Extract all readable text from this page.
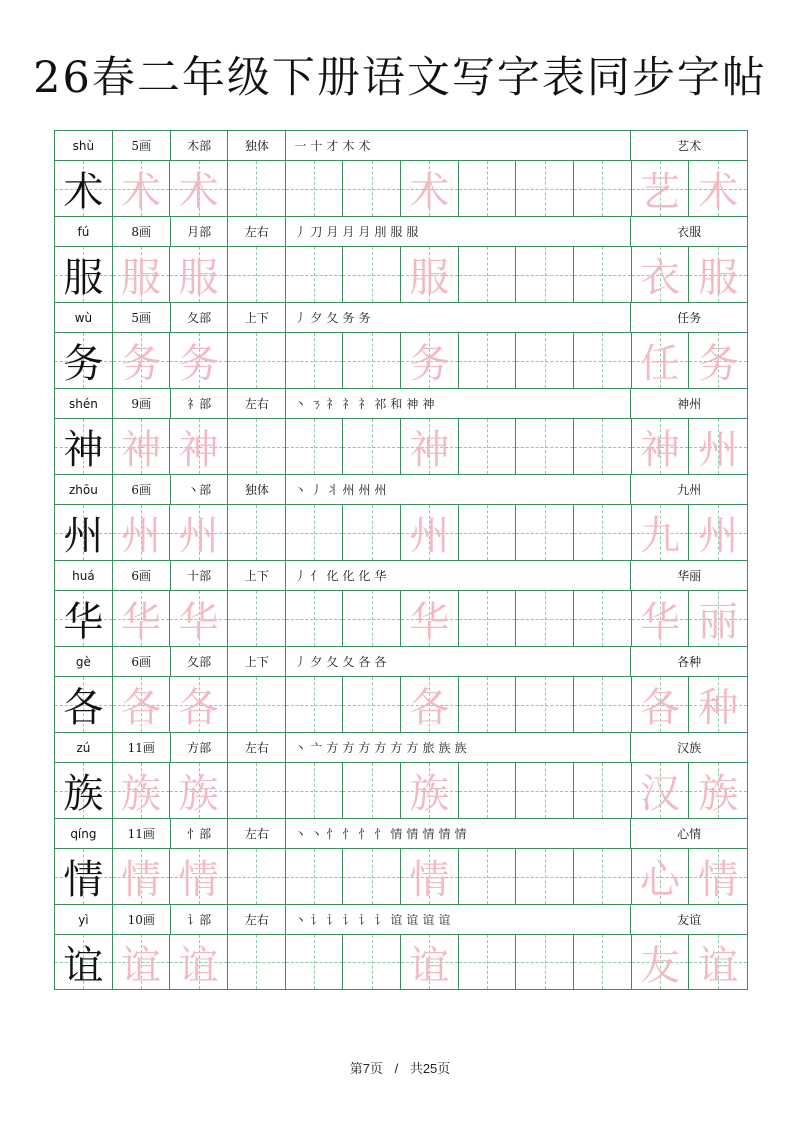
26春二年级下册语文写字表同步字帖
shù	5画	木部	独体	一 十 才 木 术	艺术
术 术 术	术	艺 术
fú	8画	月部	左右	丿 刀 月 月 月 刖 服 服	衣服
服 服 服	服	衣 服
wù	5画	夂部	上下	丿 夕 夂 务 务	任务
务 务 务	务	任 务
shén	9画	礻部	左右	丶 ㄋ 礻 礻 礻 祁 和 神 神	神州
神 神 神	神	神 州
zhōu	6画	丶部	独体	丶 丿 丬 州 州 州	九州
州 州 州	州	九 州
huá	6画	十部	上下	丿 亻 化 化 化 华	华丽
华 华 华	华	华 丽
gè	6画	夂部	上下	丿 夕 夂 夂 各 各	各种
各 各 各	各	各 种
zú	11画	方部	左右	丶 亠 方 方 方 方 方 方 旅 族 族	汉族
族 族 族	族	汉 族
qíng	11画	忄部	左右	丶 丶 忄 忄 忄 忄 情 情 情 情 情	心情
情 情 情	情	心 情
yì	10画	讠部	左右	丶 讠 讠 讠 讠 讠 谊 谊 谊 谊	友谊
谊 谊 谊	谊	友 谊
第7页 / 共25页
